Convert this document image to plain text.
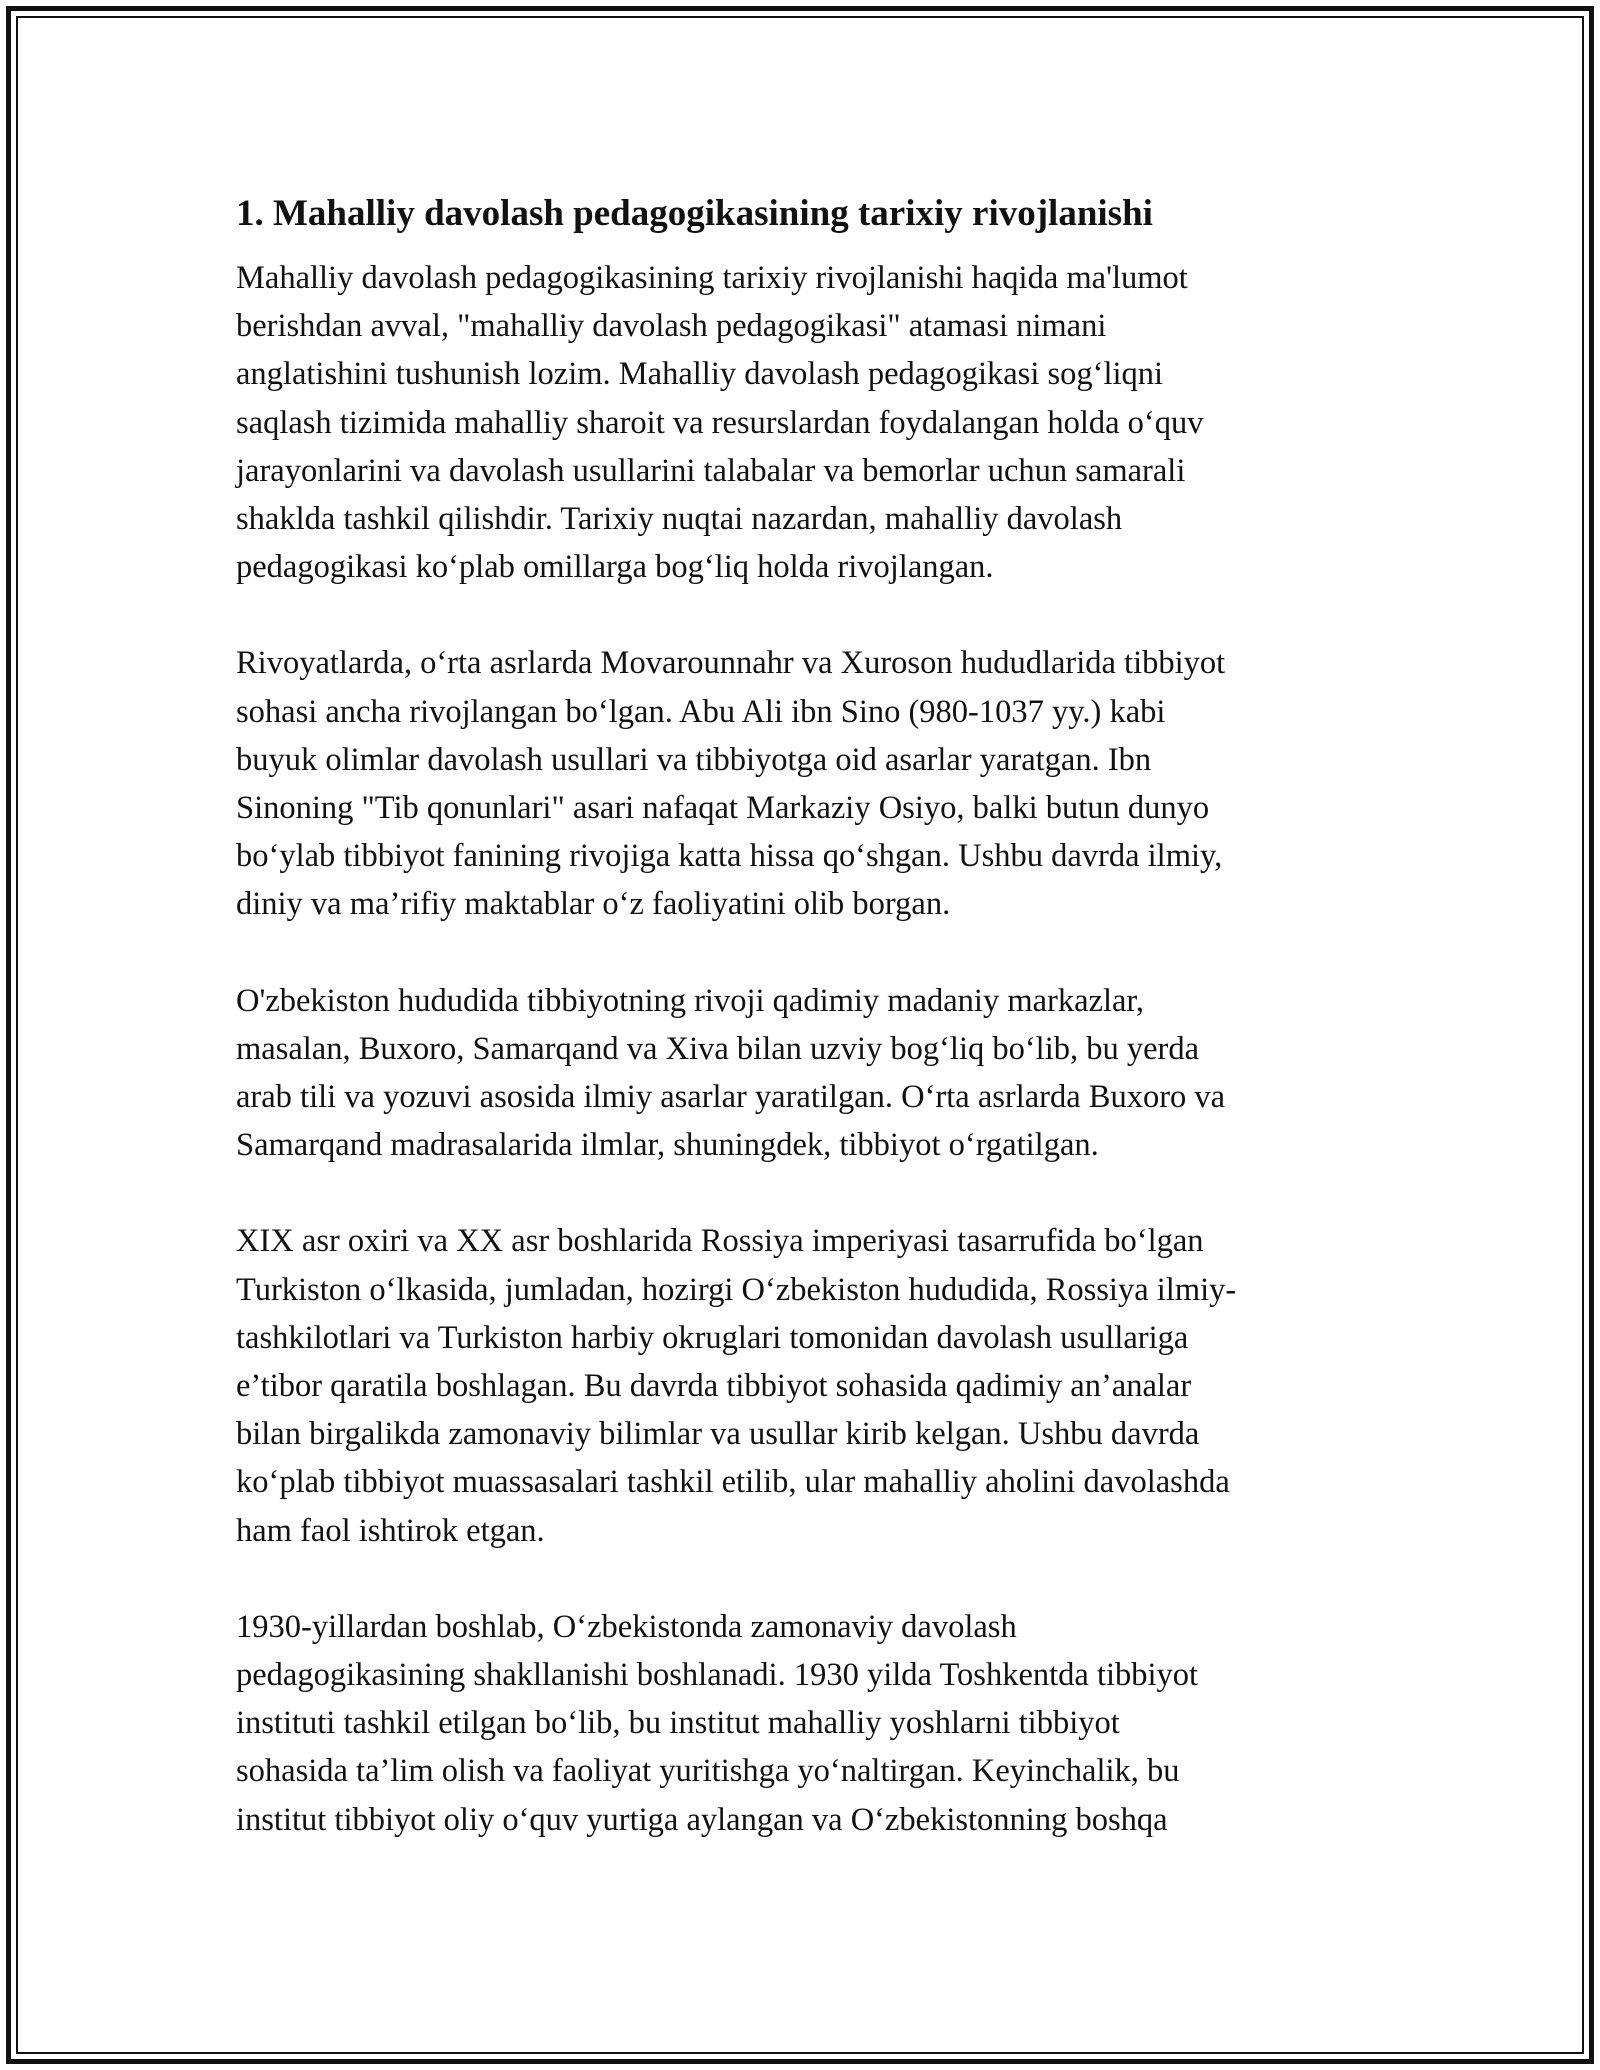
1. Mahalliy davolash pedagogikasining tarixiy rivojlanishi

Mahalliy davolash pedagogikasining tarixiy rivojlanishi haqida ma'lumot
berishdan avval, "mahalliy davolash pedagogikasi" atamasi nimani
anglatishini tushunish lozim. Mahalliy davolash pedagogikasi sog‘liqni
saqlash tizimida mahalliy sharoit va resurslardan foydalangan holda o‘quv
jarayonlarini va davolash usullarini talabalar va bemorlar uchun samarali
shaklda tashkil qilishdir. Tarixiy nuqtai nazardan, mahalliy davolash
pedagogikasi ko‘plab omillarga bog‘liq holda rivojlangan.

Rivoyatlarda, o‘rta asrlarda Movarounnahr va Xuroson hududlarida tibbiyot
sohasi ancha rivojlangan bo‘lgan. Abu Ali ibn Sino (980-1037 yy.) kabi
buyuk olimlar davolash usullari va tibbiyotga oid asarlar yaratgan. Ibn
Sinoning "Tib qonunlari" asari nafaqat Markaziy Osiyo, balki butun dunyo
bo‘ylab tibbiyot fanining rivojiga katta hissa qo‘shgan. Ushbu davrda ilmiy,
diniy va ma’rifiy maktablar o‘z faoliyatini olib borgan.

O'zbekiston hududida tibbiyotning rivoji qadimiy madaniy markazlar,
masalan, Buxoro, Samarqand va Xiva bilan uzviy bog‘liq bo‘lib, bu yerda
arab tili va yozuvi asosida ilmiy asarlar yaratilgan. O‘rta asrlarda Buxoro va
Samarqand madrasalarida ilmlar, shuningdek, tibbiyot o‘rgatilgan.

XIX asr oxiri va XX asr boshlarida Rossiya imperiyasi tasarrufida bo‘lgan
Turkiston o‘lkasida, jumladan, hozirgi O‘zbekiston hududida, Rossiya ilmiy-
tashkilotlari va Turkiston harbiy okruglari tomonidan davolash usullariga
e’tibor qaratila boshlagan. Bu davrda tibbiyot sohasida qadimiy an’analar
bilan birgalikda zamonaviy bilimlar va usullar kirib kelgan. Ushbu davrda
ko‘plab tibbiyot muassasalari tashkil etilib, ular mahalliy aholini davolashda
ham faol ishtirok etgan.

1930-yillardan boshlab, O‘zbekistonda zamonaviy davolash
pedagogikasining shakllanishi boshlanadi. 1930 yilda Toshkentda tibbiyot
instituti tashkil etilgan bo‘lib, bu institut mahalliy yoshlarni tibbiyot
sohasida ta’lim olish va faoliyat yuritishga yo‘naltirgan. Keyinchalik, bu
institut tibbiyot oliy o‘quv yurtiga aylangan va O‘zbekistonning boshqa
